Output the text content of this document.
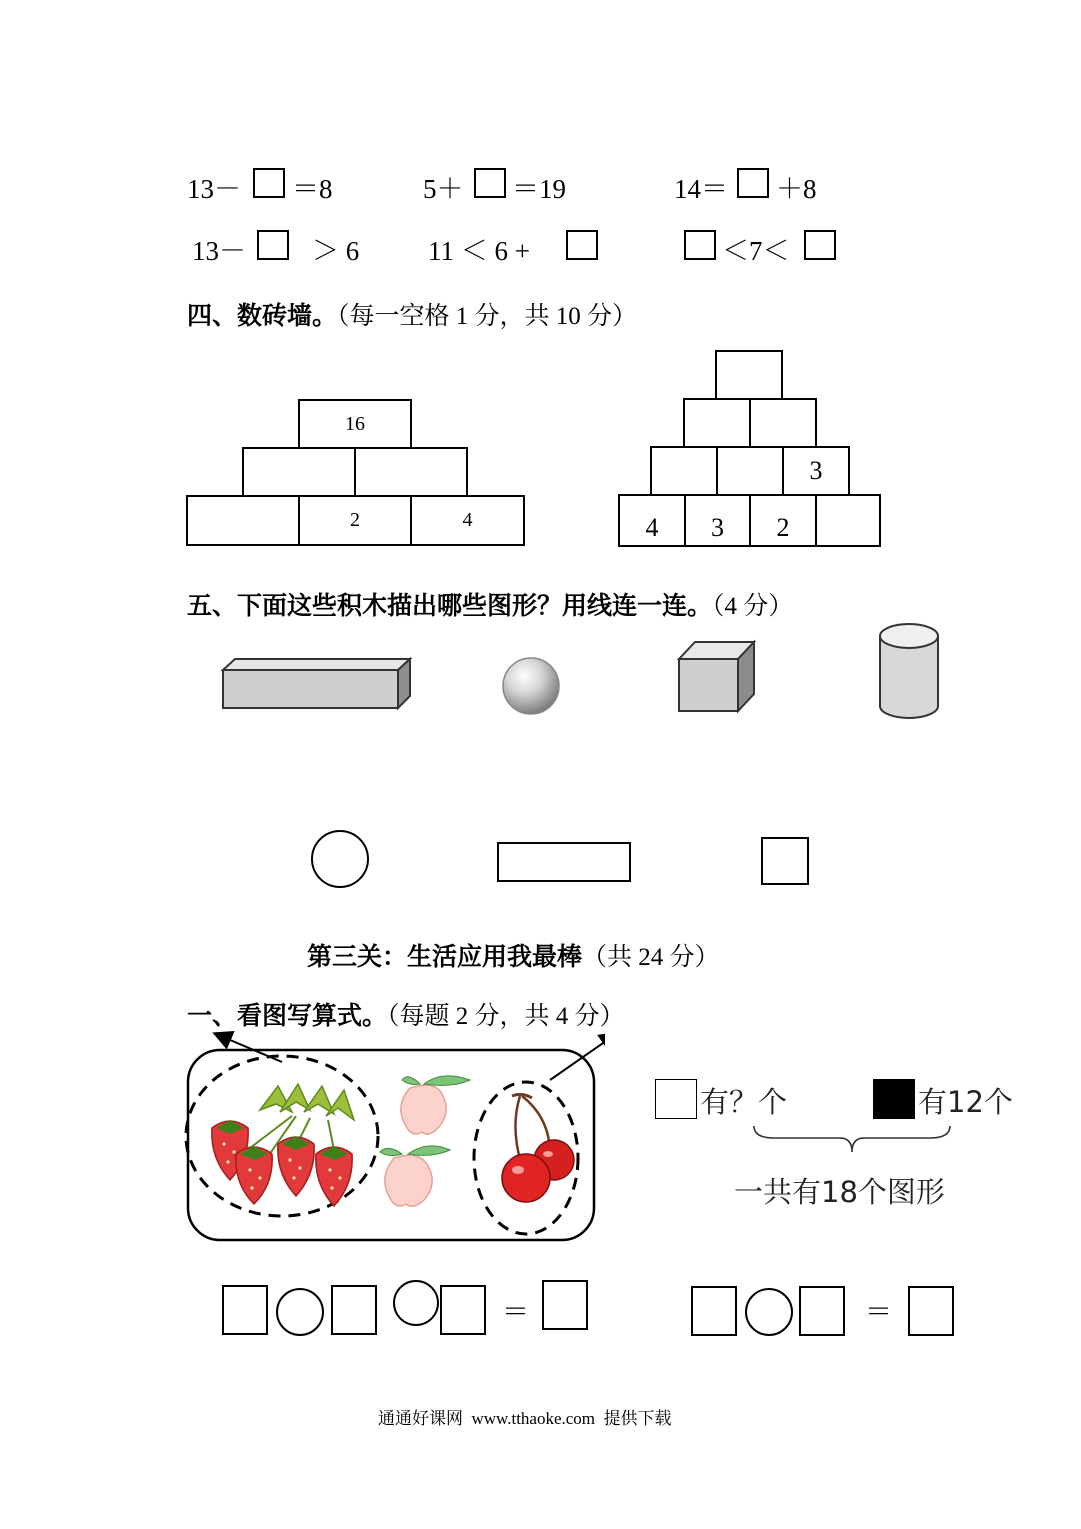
13－ ＝8	5＋ ＝19	14＝ ＋8
13－ ＞ 6	11 ＜ 6 +	＜7＜
四、数砖墙。（每一空格 1 分，共 10 分）
16
2	4
3
4	3	2
五、下面这些积木描出哪些图形？用线连一连。（4 分）
第三关：生活应用我最棒（共 24 分）
一、看图写算式。（每题 2 分，共 4 分）
有？个	有12个
一共有18个图形
＝	＝
通通好课网  www.tthaoke.com  提供下载
